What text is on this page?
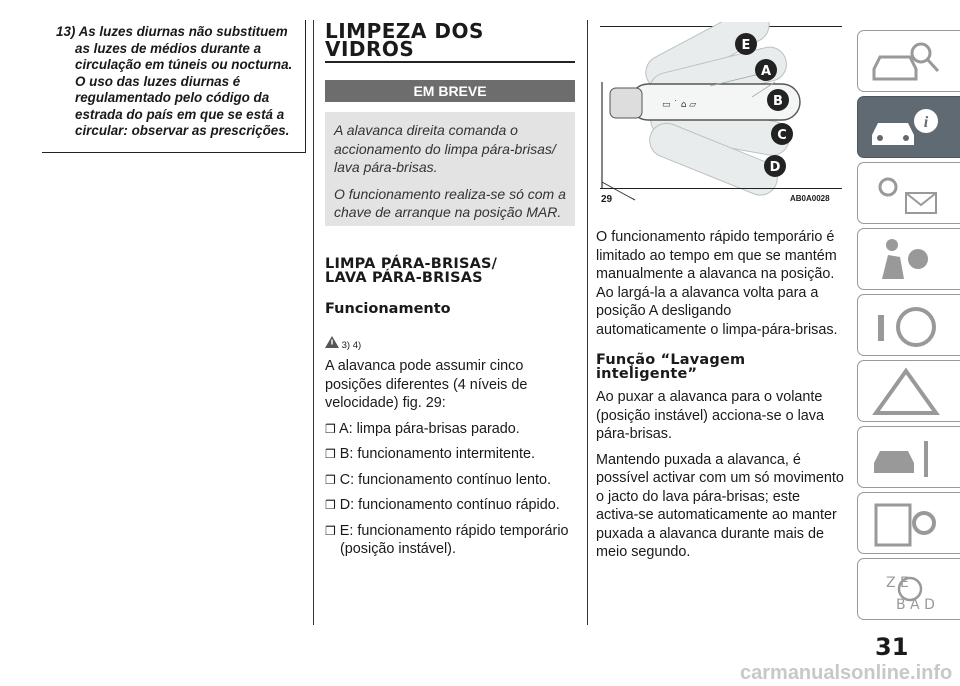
13) As luzes diurnas não substituem as luzes de médios durante a circulação em túneis ou nocturna. O uso das luzes diurnas é regulamentado pelo código da estrada do país em que se está a circular: observar as prescrições.

LIMPEZA DOS
VIDROS
EM BREVE

A alavanca direita comanda o accionamento do limpa pára-brisas/ lava pára-brisas.

O funcionamento realiza-se só com a chave de arranque na posição MAR.

LIMPA PÁRA-BRISAS/
LAVA PÁRA-BRISAS
Funcionamento
3) 4)

A alavanca pode assumir cinco posições diferentes (4 níveis de velocidade) fig. 29:

❒ A: limpa pára-brisas parado.

❒ B: funcionamento intermitente.

❒ C: funcionamento contínuo lento.

❒ D: funcionamento contínuo rápido.

❒ E: funcionamento rápido temporário (posição instável).

▭ ˙ ⌂ ▱
E
A
B
C
D
29	AB0A0028
O funcionamento rápido temporário é limitado ao tempo em que se mantém manualmente a alavanca na posição. Ao largá-la a alavanca volta para a posição A desligando automaticamente o limpa-pára-brisas.
Função “Lavagem
inteligente”

Ao puxar a alavanca para o volante (posição instável) acciona-se o lava pára-brisas.

Mantendo puxada a alavanca, é possível activar com um só movimento o jacto do lava pára-brisas; este activa-se automaticamente ao manter puxada a alavanca durante mais de meio segundo.

i
Z E
B A D
31
carmanualsonline.info
